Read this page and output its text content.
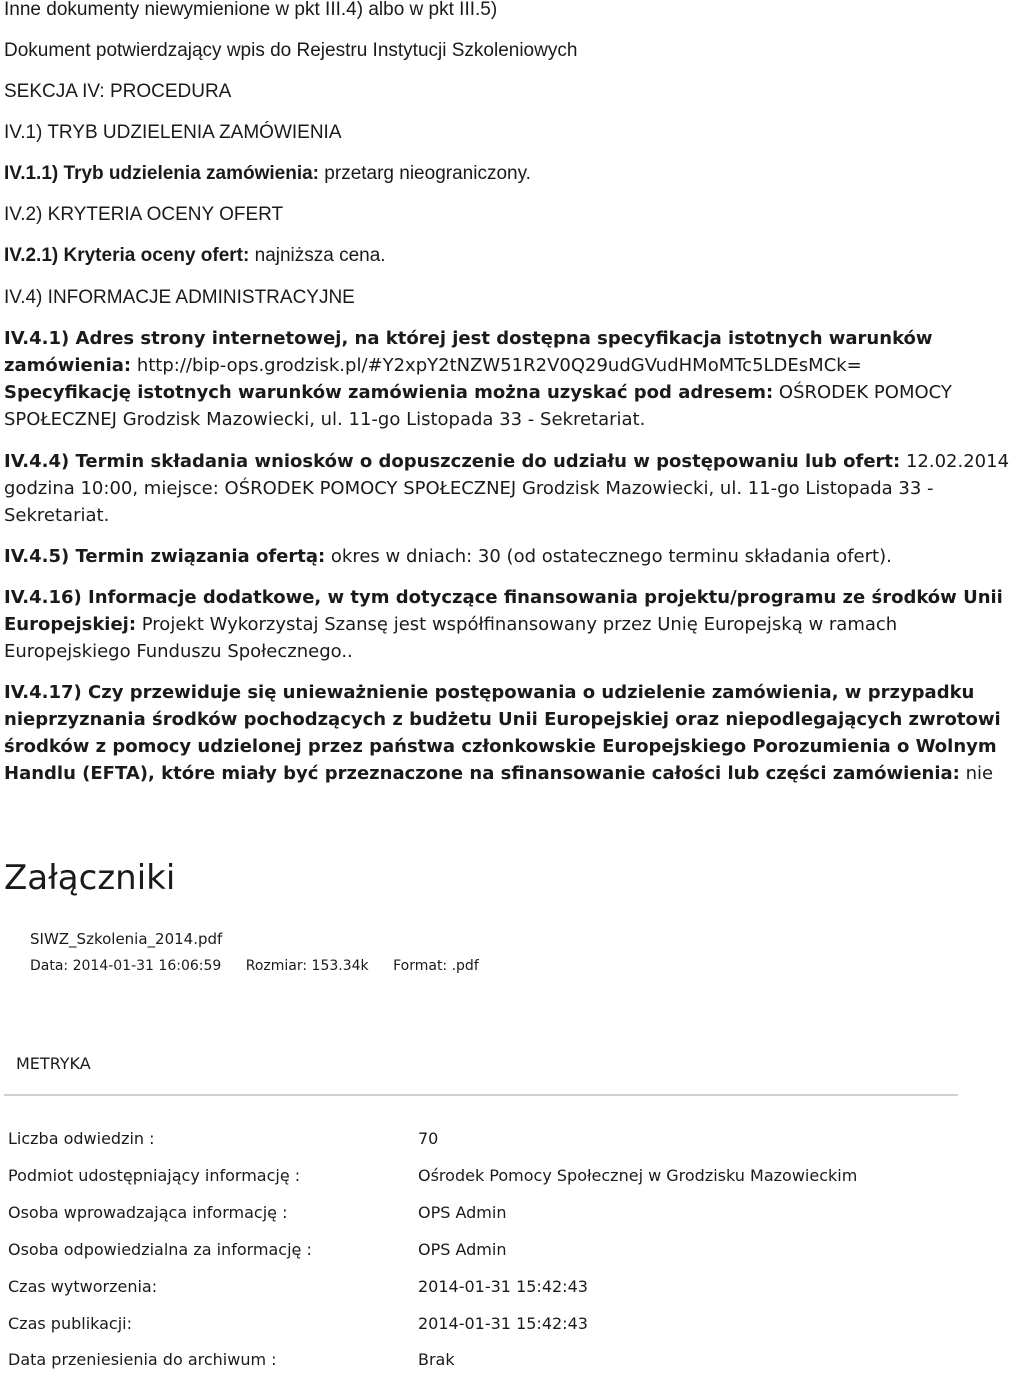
Inne dokumenty niewymienione w pkt III.4) albo w pkt III.5)
Dokument potwierdzający wpis do Rejestru Instytucji Szkoleniowych
SEKCJA IV: PROCEDURA
IV.1) TRYB UDZIELENIA ZAMÓWIENIA
IV.1.1) Tryb udzielenia zamówienia: przetarg nieograniczony.
IV.2) KRYTERIA OCENY OFERT
IV.2.1) Kryteria oceny ofert: najniższa cena.
IV.4) INFORMACJE ADMINISTRACYJNE
IV.4.1) Adres strony internetowej, na której jest dostępna specyfikacja istotnych warunków
zamówienia: http://bip-ops.grodzisk.pl/#Y2xpY2tNZW51R2V0Q29udGVudHMoMTc5LDEsMCk=
Specyfikację istotnych warunków zamówienia można uzyskać pod adresem: OŚRODEK POMOCY
SPOŁECZNEJ Grodzisk Mazowiecki, ul. 11-go Listopada 33 - Sekretariat.
IV.4.4) Termin składania wniosków o dopuszczenie do udziału w postępowaniu lub ofert: 12.02.2014
godzina 10:00, miejsce: OŚRODEK POMOCY SPOŁECZNEJ Grodzisk Mazowiecki, ul. 11-go Listopada 33 -
Sekretariat.
IV.4.5) Termin związania ofertą: okres w dniach: 30 (od ostatecznego terminu składania ofert).
IV.4.16) Informacje dodatkowe, w tym dotyczące finansowania projektu/programu ze środków Unii
Europejskiej: Projekt Wykorzystaj Szansę jest współfinansowany przez Unię Europejską w ramach
Europejskiego Funduszu Społecznego..
IV.4.17) Czy przewiduje się unieważnienie postępowania o udzielenie zamówienia, w przypadku
nieprzyznania środków pochodzących z budżetu Unii Europejskiej oraz niepodlegających zwrotowi
środków z pomocy udzielonej przez państwa członkowskie Europejskiego Porozumienia o Wolnym
Handlu (EFTA), które miały być przeznaczone na sfinansowanie całości lub części zamówienia: nie
Załączniki
SIWZ_Szkolenia_2014.pdf
Data: 2014-01-31 16:06:59 Rozmiar: 153.34k Format: .pdf
METRYKA
Liczba odwiedzin :	70
Podmiot udostępniający informację :	Ośrodek Pomocy Społecznej w Grodzisku Mazowieckim
Osoba wprowadzająca informację :	OPS Admin
Osoba odpowiedzialna za informację :	OPS Admin
Czas wytworzenia:	2014-01-31 15:42:43
Czas publikacji:	2014-01-31 15:42:43
Data przeniesienia do archiwum :	Brak
